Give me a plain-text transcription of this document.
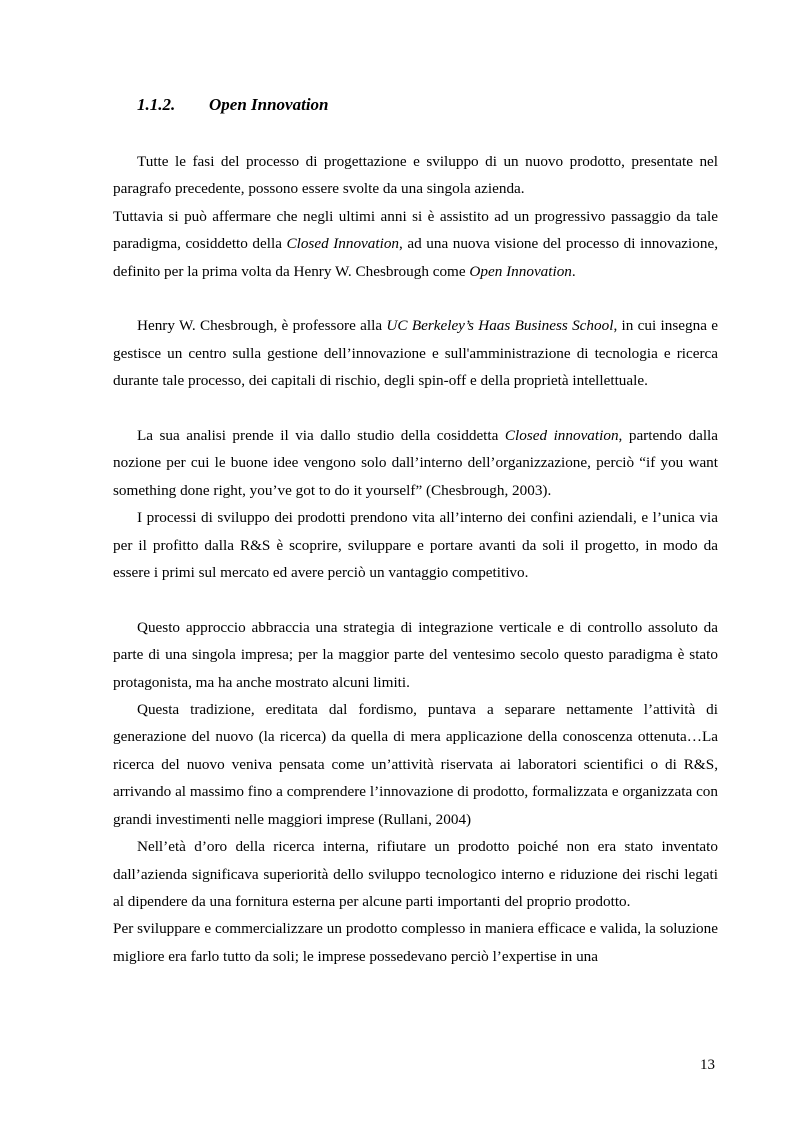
1.1.2. Open Innovation

Tutte le fasi del processo di progettazione e sviluppo di un nuovo prodotto, presentate nel paragrafo precedente, possono essere svolte da una singola azienda.

Tuttavia si può affermare che negli ultimi anni si è assistito ad un progressivo passaggio da tale paradigma, cosiddetto della Closed Innovation, ad una nuova visione del processo di innovazione, definito per la prima volta da Henry W. Chesbrough come Open Innovation.

Henry W. Chesbrough, è professore alla UC Berkeley’s Haas Business School, in cui insegna e gestisce un centro sulla gestione dell’innovazione e sull'amministrazione di tecnologia e ricerca durante tale processo, dei capitali di rischio, degli spin-off e della proprietà intellettuale.

La sua analisi prende il via dallo studio della cosiddetta Closed innovation, partendo dalla nozione per cui le buone idee vengono solo dall’interno dell’organizzazione, perciò “if you want something done right, you’ve got to do it yourself” (Chesbrough, 2003).

I processi di sviluppo dei prodotti prendono vita all’interno dei confini aziendali, e l’unica via per il profitto dalla R&S è scoprire, sviluppare e portare avanti da soli il progetto, in modo da essere i primi sul mercato ed avere perciò un vantaggio competitivo.

Questo approccio abbraccia una strategia di integrazione verticale e di controllo assoluto da parte di una singola impresa; per la maggior parte del ventesimo secolo questo paradigma è stato protagonista, ma ha anche mostrato alcuni limiti.

Questa tradizione, ereditata dal fordismo, puntava a separare nettamente l’attività di generazione del nuovo (la ricerca) da quella di mera applicazione della conoscenza ottenuta…La ricerca del nuovo veniva pensata come un’attività riservata ai laboratori scientifici o di R&S, arrivando al massimo fino a comprendere l’innovazione di prodotto, formalizzata e organizzata con grandi investimenti nelle maggiori imprese (Rullani, 2004)

Nell’età d’oro della ricerca interna, rifiutare un prodotto poiché non era stato inventato dall’azienda significava superiorità dello sviluppo tecnologico interno e riduzione dei rischi legati al dipendere da una fornitura esterna per alcune parti importanti del proprio prodotto.

Per sviluppare e commercializzare un prodotto complesso in maniera efficace e valida, la soluzione migliore era farlo tutto da soli; le imprese possedevano perciò l’expertise in una

13
